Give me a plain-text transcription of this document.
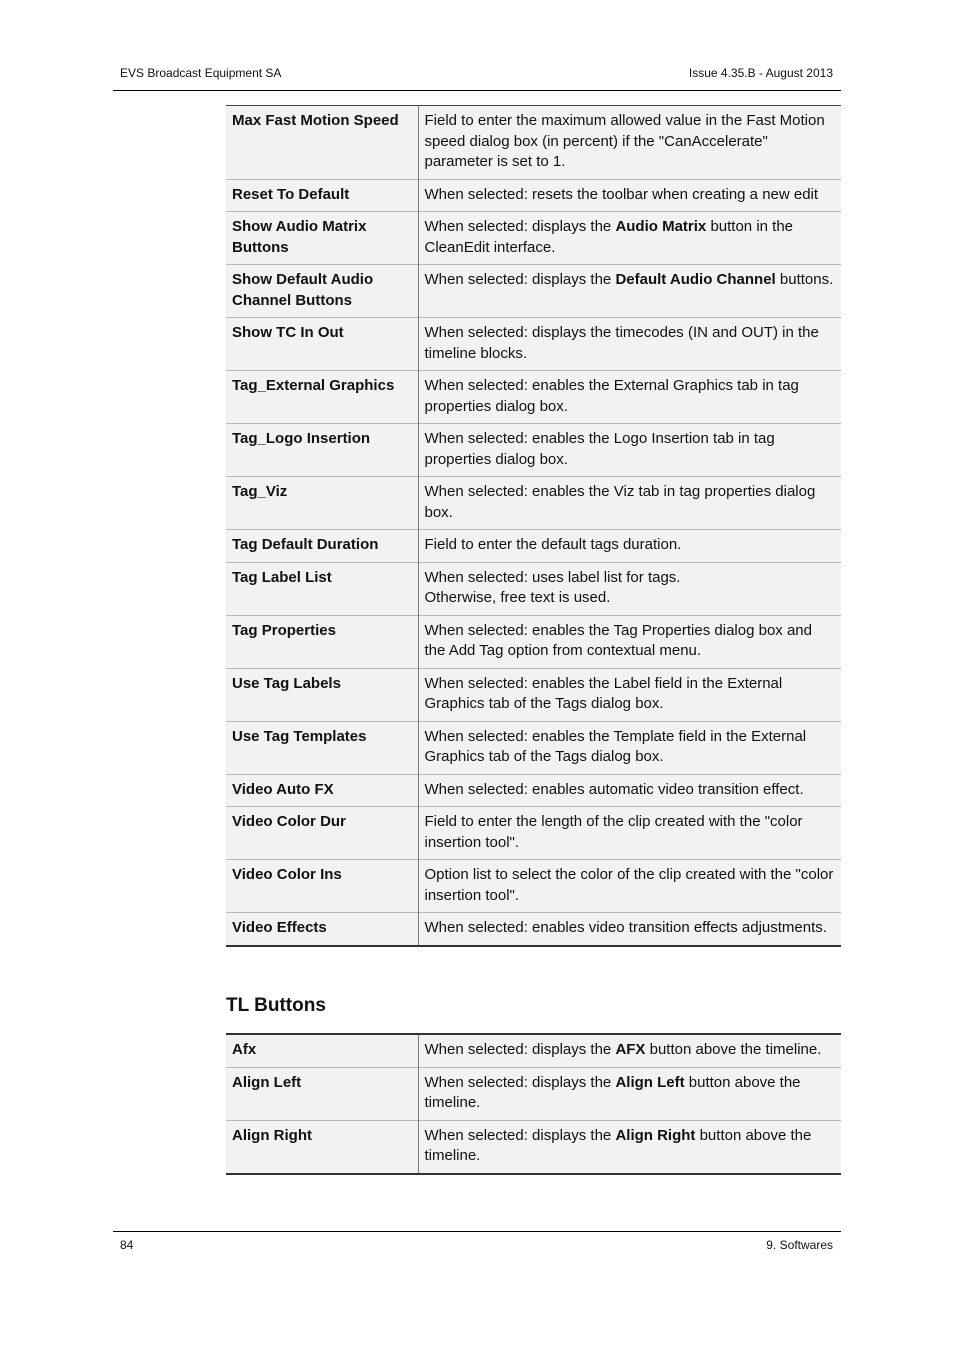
EVS Broadcast Equipment SA	Issue 4.35.B - August 2013
Max Fast Motion Speed	Field to enter the maximum allowed value in the Fast Motion speed dialog box (in percent) if the "CanAccelerate" parameter is set to 1.
Reset To Default	When selected: resets the toolbar when creating a new edit
Show Audio Matrix Buttons	When selected: displays the Audio Matrix button in the CleanEdit interface.
Show Default Audio Channel Buttons	When selected: displays the Default Audio Channel buttons.
Show TC In Out	When selected: displays the timecodes (IN and OUT) in the timeline blocks.
Tag_External Graphics	When selected: enables the External Graphics tab in tag properties dialog box.
Tag_Logo Insertion	When selected: enables the Logo Insertion tab in tag properties dialog box.
Tag_Viz	When selected: enables the Viz tab in tag properties dialog box.
Tag Default Duration	Field to enter the default tags duration.
Tag Label List	When selected: uses label list for tags.
Otherwise, free text is used.
Tag Properties	When selected: enables the Tag Properties dialog box and the Add Tag option from contextual menu.
Use Tag Labels	When selected: enables the Label field in the External Graphics tab of the Tags dialog box.
Use Tag Templates	When selected: enables the Template field in the External Graphics tab of the Tags dialog box.
Video Auto FX	When selected: enables automatic video transition effect.
Video Color Dur	Field to enter the length of the clip created with the "color insertion tool".
Video Color Ins	Option list to select the color of the clip created with the "color insertion tool".
Video Effects	When selected: enables video transition effects adjustments.
TL Buttons
Afx	When selected: displays the AFX button above the timeline.
Align Left	When selected: displays the Align Left button above the timeline.
Align Right	When selected: displays the Align Right button above the timeline.
84	9. Softwares
